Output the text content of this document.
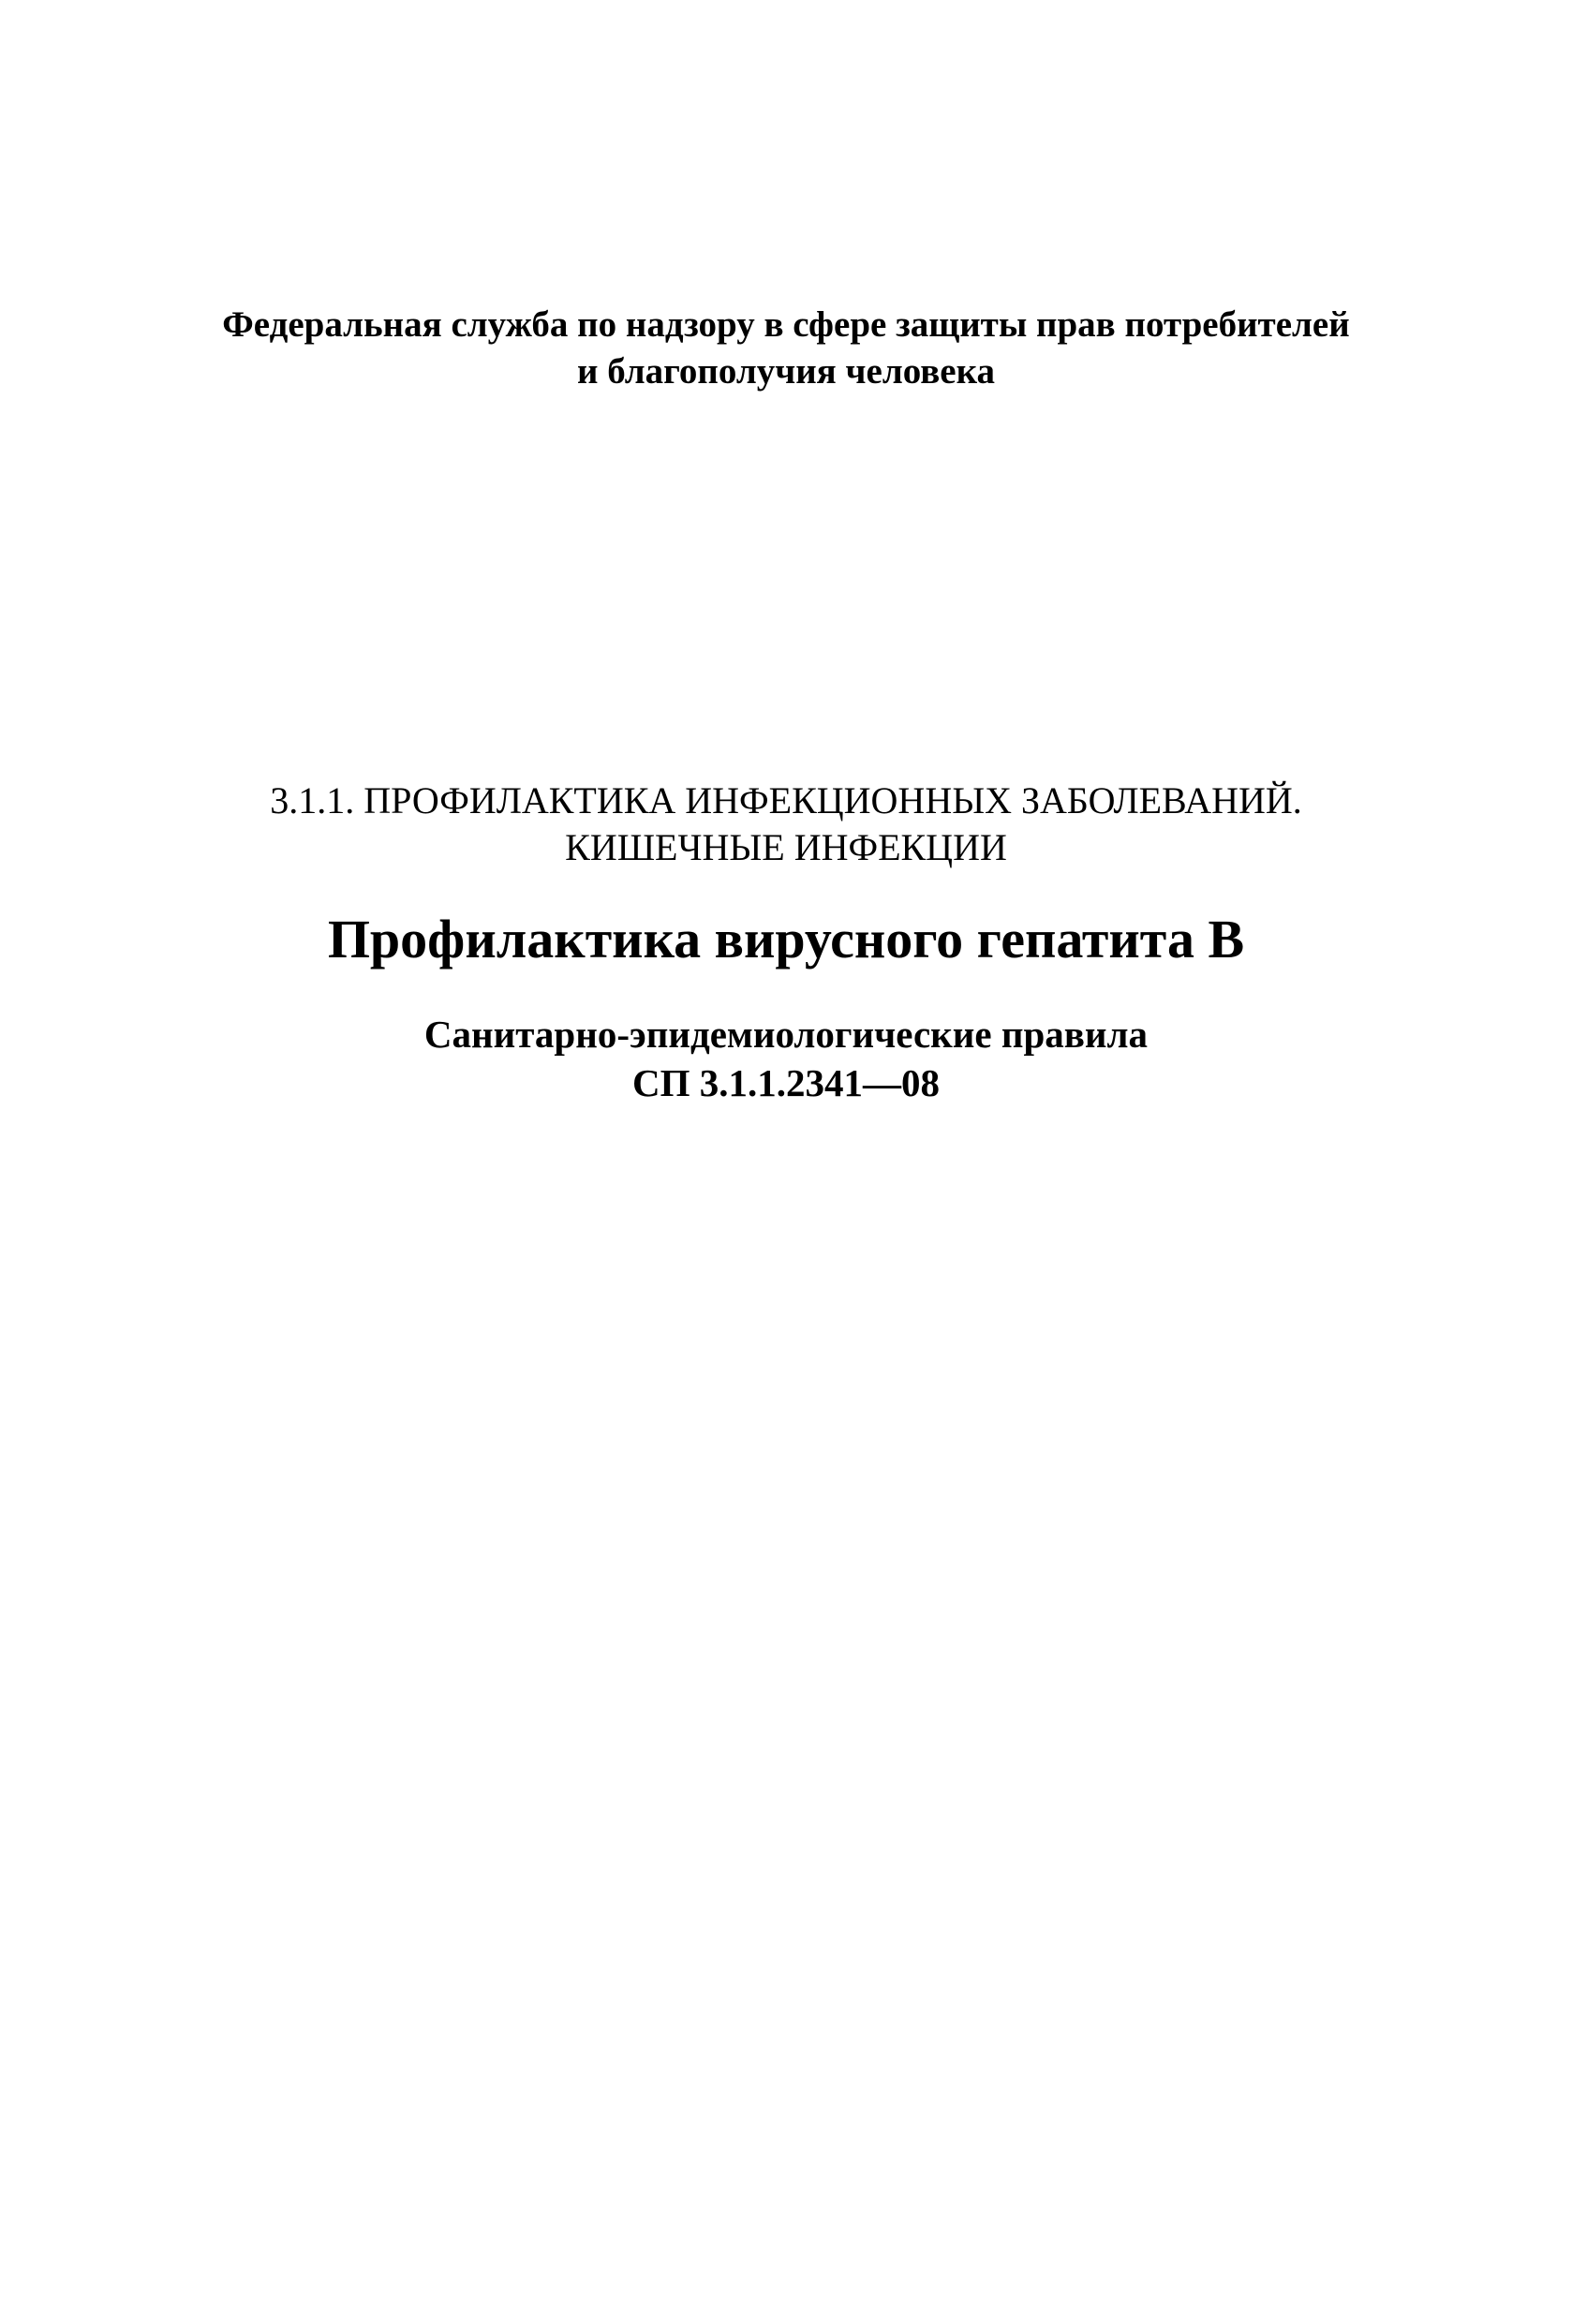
Федеральная служба по надзору в сфере защиты прав потребителей
и благополучия человека
3.1.1. ПРОФИЛАКТИКА ИНФЕКЦИОННЫХ ЗАБОЛЕВАНИЙ.
КИШЕЧНЫЕ ИНФЕКЦИИ
Профилактика вирусного гепатита В
Санитарно-эпидемиологические правила
СП 3.1.1.2341—08
